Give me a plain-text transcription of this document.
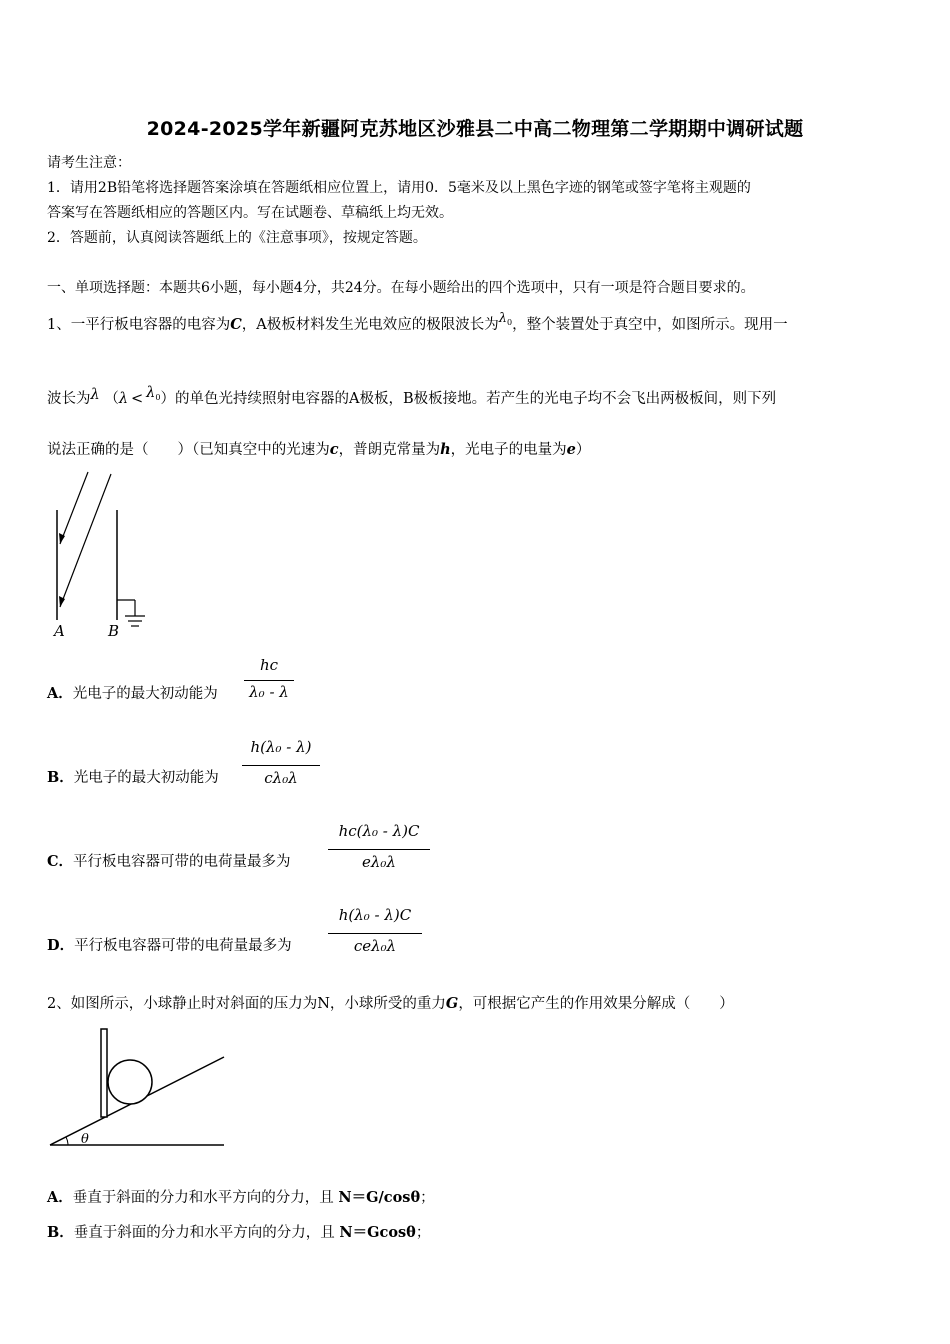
2024-2025学年新疆阿克苏地区沙雅县二中高二物理第二学期期中调研试题
请考生注意：
1．请用2B铅笔将选择题答案涂填在答题纸相应位置上，请用0．5毫米及以上黑色字迹的钢笔或签字笔将主观题的
答案写在答题纸相应的答题区内。写在试题卷、草稿纸上均无效。
2．答题前，认真阅读答题纸上的《注意事项》，按规定答题。
一、单项选择题：本题共6小题，每小题4分，共24分。在每小题给出的四个选项中，只有一项是符合题目要求的。
1、一平行板电容器的电容为C，A极板材料发生光电效应的极限波长为$\lambda_0$，整个装置处于真空中，如图所示。现用一
波长为λ $(\lambda < \lambda_0)$的单色光持续照射电容器的A极板，B极板接地。若产生的光电子均不会飞出两极板间，则下列
说法正确的是（　　）（已知真空中的光速为c，普朗克常量为h，光电子的电量为e）
A	B
A．光电子的最大初动能为
hc
λ₀ - λ
B．光电子的最大初动能为
h(λ₀ - λ)
cλ₀λ
C．平行板电容器可带的电荷量最多为
hc(λ₀ - λ)C
eλ₀λ
D．平行板电容器可带的电荷量最多为
h(λ₀ - λ)C
ceλ₀λ
2、如图所示，小球静止时对斜面的压力为N，小球所受的重力G，可根据它产生的作用效果分解成（　　）
θ
A．垂直于斜面的分力和水平方向的分力，且 N＝G/cosθ；
B．垂直于斜面的分力和水平方向的分力，且 N＝Gcosθ；
